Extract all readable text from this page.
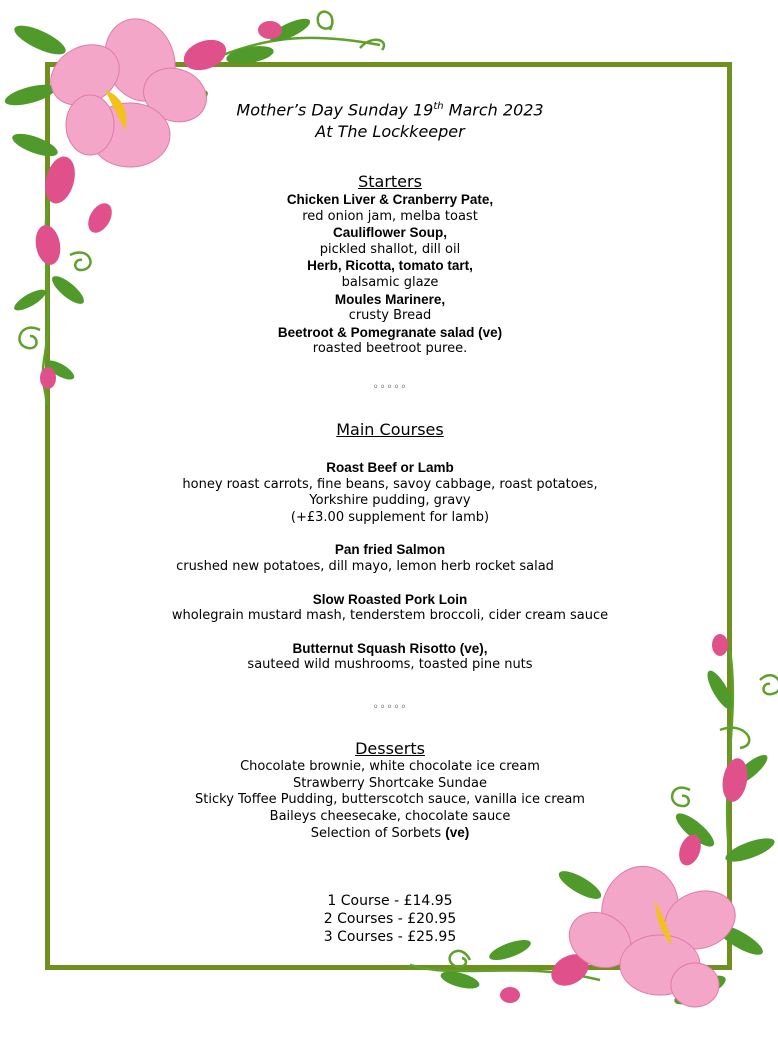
Mother’s Day Sunday 19th March 2023
At The Lockkeeper
Starters
Chicken Liver & Cranberry Pate,
red onion jam, melba toast
Cauliflower Soup,
pickled shallot, dill oil
Herb, Ricotta, tomato tart,
balsamic glaze
Moules Marinere,
crusty Bread
Beetroot & Pomegranate salad (ve)
roasted beetroot puree.
◦◦◦◦◦
Main Courses
Roast Beef or Lamb
honey roast carrots, fine beans, savoy cabbage, roast potatoes,
Yorkshire pudding, gravy
(+£3.00 supplement for lamb)
Pan fried Salmon
crushed new potatoes, dill mayo, lemon herb rocket salad
Slow Roasted Pork Loin
wholegrain mustard mash, tenderstem broccoli, cider cream sauce
Butternut Squash Risotto (ve),
sauteed wild mushrooms, toasted pine nuts
◦◦◦◦◦
Desserts
Chocolate brownie, white chocolate ice cream
Strawberry Shortcake Sundae
Sticky Toffee Pudding, butterscotch sauce, vanilla ice cream
Baileys cheesecake, chocolate sauce
Selection of Sorbets (ve)
1 Course - £14.95
2 Courses - £20.95
3 Courses - £25.95
